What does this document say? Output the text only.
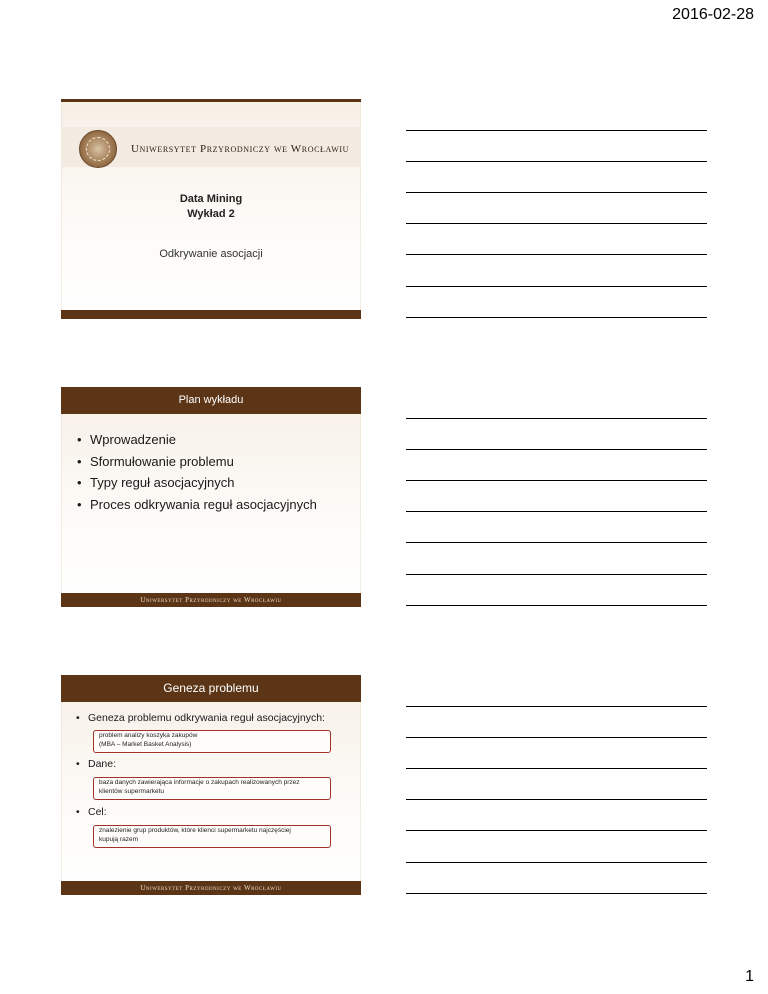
2016-02-28
Uniwersytet Przyrodniczy we Wrocławiu
Data Mining
Wykład 2
Odkrywanie asocjacji
Plan wykładu
• Wprowadzenie
• Sformułowanie problemu
• Typy reguł asocjacyjnych
• Proces odkrywania reguł asocjacyjnych
Uniwersytet Przyrodniczy we Wrocławiu
Geneza problemu
• Geneza problemu odkrywania reguł asocjacyjnych:
problem analizy koszyka zakupów
(MBA – Market Basket Analysis)
• Dane:
baza danych zawierająca informacje o zakupach realizowanych przez
klientów supermarketu
• Cel:
znalezienie grup produktów, które klienci supermarketu najczęściej
kupują razem
Uniwersytet Przyrodniczy we Wrocławiu
1
